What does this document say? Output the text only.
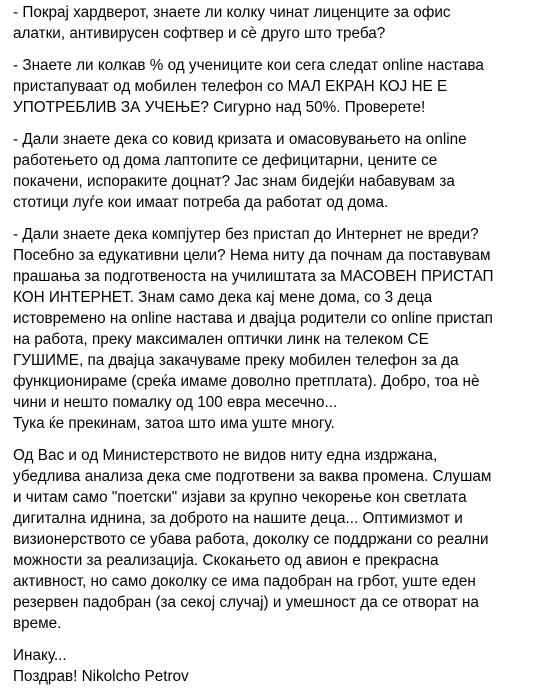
- Покрај хардверот, знаете ли колку чинат лиценците за офис
алатки, антивирусен софтвер и сѐ друго што треба?
- Знаете ли колкав % од учениците кои сега следат online настава
пристапуваат од мобилен телефон со МАЛ ЕКРАН КОЈ НЕ Е
УПОТРЕБЛИВ ЗА УЧЕЊЕ? Сигурно над 50%. Проверете!
- Дали знаете дека со ковид кризата и омасовувањето на online
работењето од дома лаптопите се дефицитарни, цените се
покачени, испораките доцнат? Јас знам бидејќи набавувам за
стотици луѓе кои имаат потреба да работат од дома.
- Дали знаете дека компјутер без пристап до Интернет не вреди?
Посебно за едукативни цели? Нема ниту да почнам да поставувам
прашања за подготвеноста на училиштата за МАСОВЕН ПРИСТАП
КОН ИНТЕРНЕТ. Знам само дека кај мене дома, со 3 деца
истовремено на online настава и двајца родители со online пристап
на работа, преку максимален оптички линк на телеком СЕ
ГУШИМЕ, па двајца закачуваме преку мобилен телефон за да
функционираме (среќа имаме доволно претплата). Добро, тоа нѐ
чини и нешто помалку од 100 евра месечно...
Тука ќе прекинам, затоа што има уште многу.
Од Вас и од Министерството не видов ниту една издржана,
убедлива анализа дека сме подготвени за ваква промена. Слушам
и читам само "поетски" изјави за крупно чекорење кон светлата
дигитална иднина, за доброто на нашите деца... Оптимизмот и
визионерството се убава работа, доколку се поддржани со реални
можности за реализација. Скокањето од авион е прекрасна
активност, но само доколку се има падобран на грбот, уште еден
резервен падобран (за секој случај) и умешност да се отворат на
време.
Инаку...
Поздрав! Nikolcho Petrov
